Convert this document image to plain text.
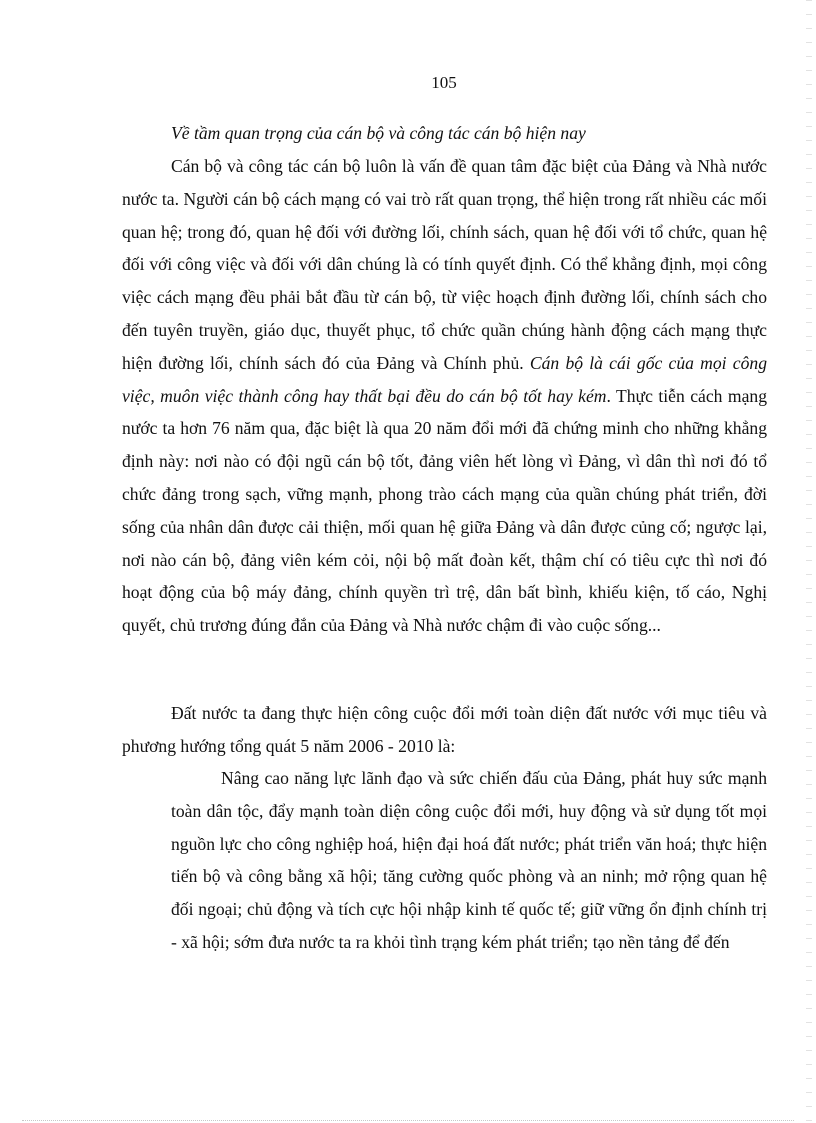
105
Về tầm quan trọng của cán bộ và công tác cán bộ hiện nay

Cán bộ và công tác cán bộ luôn là vấn đề quan tâm đặc biệt của Đảng và Nhà nước nước ta. Người cán bộ cách mạng có vai trò rất quan trọng, thể hiện trong rất nhiều các mối quan hệ; trong đó, quan hệ đối với đường lối, chính sách, quan hệ đối với tổ chức, quan hệ đối với công việc và đối với dân chúng là có tính quyết định. Có thể khẳng định, mọi công việc cách mạng đều phải bắt đầu từ cán bộ, từ việc hoạch định đường lối, chính sách cho đến tuyên truyền, giáo dục, thuyết phục, tổ chức quần chúng hành động cách mạng thực hiện đường lối, chính sách đó của Đảng và Chính phủ. Cán bộ là cái gốc của mọi công việc, muôn việc thành công hay thất bại đều do cán bộ tốt hay kém. Thực tiễn cách mạng nước ta hơn 76 năm qua, đặc biệt là qua 20 năm đổi mới đã chứng minh cho những khẳng định này: nơi nào có đội ngũ cán bộ tốt, đảng viên hết lòng vì Đảng, vì dân thì nơi đó tổ chức đảng trong sạch, vững mạnh, phong trào cách mạng của quần chúng phát triển, đời sống của nhân dân được cải thiện, mối quan hệ giữa Đảng và dân được củng cố; ngược lại, nơi nào cán bộ, đảng viên kém cỏi, nội bộ mất đoàn kết, thậm chí có tiêu cực thì nơi đó hoạt động của bộ máy đảng, chính quyền trì trệ, dân bất bình, khiếu kiện, tố cáo, Nghị quyết, chủ trương đúng đắn của Đảng và Nhà nước chậm đi vào cuộc sống...

Đất nước ta đang thực hiện công cuộc đổi mới toàn diện đất nước với mục tiêu và phương hướng tổng quát 5 năm 2006 - 2010 là:

Nâng cao năng lực lãnh đạo và sức chiến đấu của Đảng, phát huy sức mạnh toàn dân tộc, đẩy mạnh toàn diện công cuộc đổi mới, huy động và sử dụng tốt mọi nguồn lực cho công nghiệp hoá, hiện đại hoá đất nước; phát triển văn hoá; thực hiện tiến bộ và công bằng xã hội; tăng cường quốc phòng và an ninh; mở rộng quan hệ đối ngoại; chủ động và tích cực hội nhập kinh tế quốc tế; giữ vững ổn định chính trị - xã hội; sớm đưa nước ta ra khỏi tình trạng kém phát triển; tạo nền tảng để đến
